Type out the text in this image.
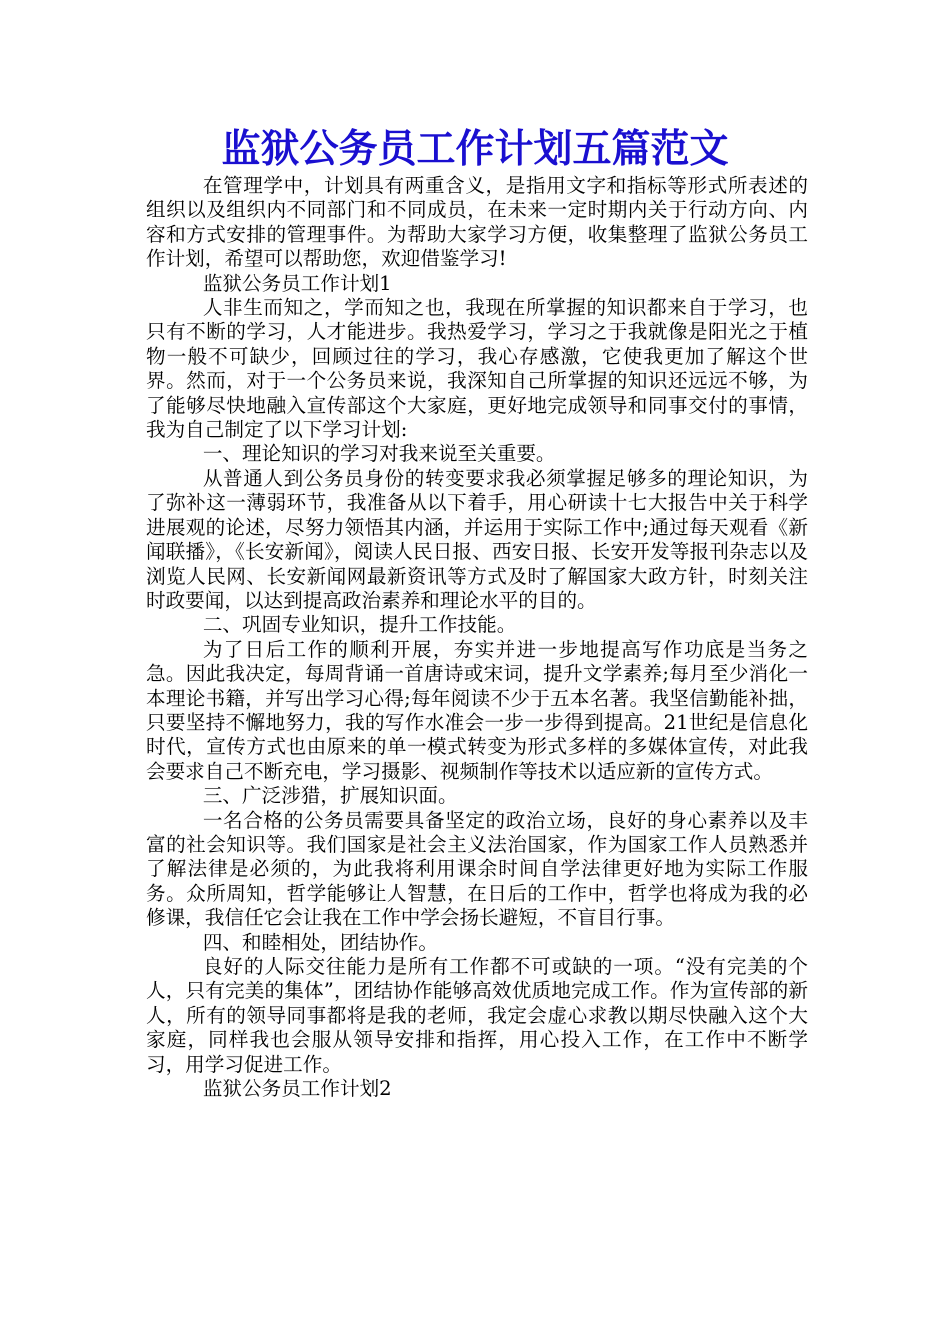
监狱公务员工作计划五篇范文

在管理学中，计划具有两重含义，是指用文字和指标等形式所表述的组织以及组织内不同部门和不同成员，在未来一定时期内关于行动方向、内容和方式安排的管理事件。为帮助大家学习方便，收集整理了监狱公务员工作计划，希望可以帮助您，欢迎借鉴学习!

监狱公务员工作计划1

人非生而知之，学而知之也，我现在所掌握的知识都来自于学习，也只有不断的学习，人才能进步。我热爱学习，学习之于我就像是阳光之于植物一般不可缺少，回顾过往的学习，我心存感激，它使我更加了解这个世界。然而，对于一个公务员来说，我深知自己所掌握的知识还远远不够，为了能够尽快地融入宣传部这个大家庭，更好地完成领导和同事交付的事情，我为自己制定了以下学习计划:

一、理论知识的学习对我来说至关重要。

从普通人到公务员身份的转变要求我必须掌握足够多的理论知识，为了弥补这一薄弱环节，我准备从以下着手，用心研读十七大报告中关于科学进展观的论述，尽努力领悟其内涵，并运用于实际工作中;通过每天观看《新闻联播》，《长安新闻》，阅读人民日报、西安日报、长安开发等报刊杂志以及浏览人民网、长安新闻网最新资讯等方式及时了解国家大政方针，时刻关注时政要闻，以达到提高政治素养和理论水平的目的。

二、巩固专业知识，提升工作技能。

为了日后工作的顺利开展，夯实并进一步地提高写作功底是当务之急。因此我决定，每周背诵一首唐诗或宋词，提升文学素养;每月至少消化一本理论书籍，并写出学习心得;每年阅读不少于五本名著。我坚信勤能补拙，只要坚持不懈地努力，我的写作水准会一步一步得到提高。21世纪是信息化时代，宣传方式也由原来的单一模式转变为形式多样的多媒体宣传，对此我会要求自己不断充电，学习摄影、视频制作等技术以适应新的宣传方式。

三、广泛涉猎，扩展知识面。

一名合格的公务员需要具备坚定的政治立场，良好的身心素养以及丰富的社会知识等。我们国家是社会主义法治国家，作为国家工作人员熟悉并了解法律是必须的，为此我将利用课余时间自学法律更好地为实际工作服务。众所周知，哲学能够让人智慧，在日后的工作中，哲学也将成为我的必修课，我信任它会让我在工作中学会扬长避短，不盲目行事。

四、和睦相处，团结协作。

良好的人际交往能力是所有工作都不可或缺的一项。“没有完美的个人，只有完美的集体”，团结协作能够高效优质地完成工作。作为宣传部的新人，所有的领导同事都将是我的老师，我定会虚心求教以期尽快融入这个大家庭，同样我也会服从领导安排和指挥，用心投入工作，在工作中不断学习，用学习促进工作。

监狱公务员工作计划2
